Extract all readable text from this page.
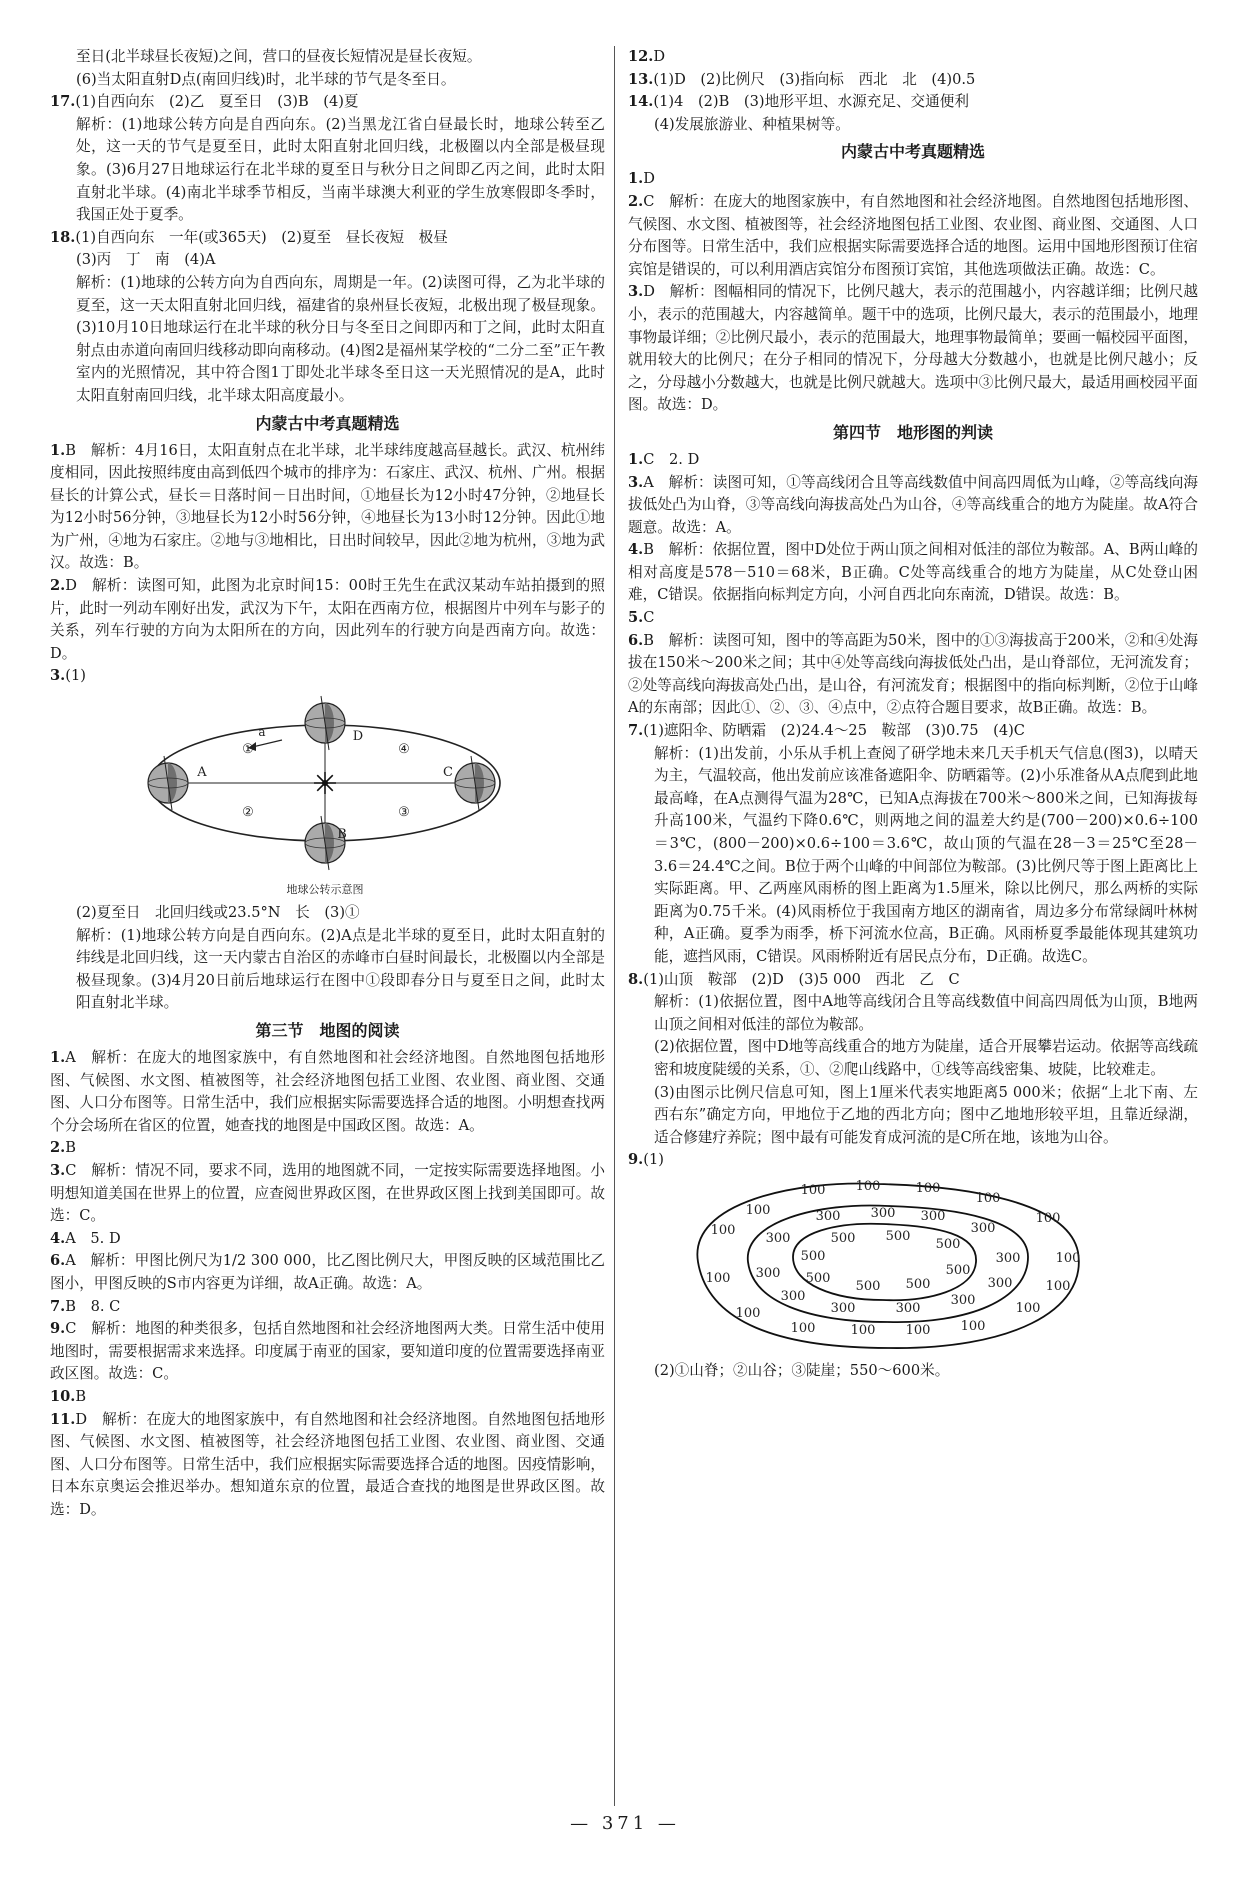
至日(北半球昼长夜短)之间，营口的昼夜长短情况是昼长夜短。

(6)当太阳直射D点(南回归线)时，北半球的节气是冬至日。

17.(1)自西向东　(2)乙　夏至日　(3)B　(4)夏

解析：(1)地球公转方向是自西向东。(2)当黑龙江省白昼最长时，地球公转至乙处，这一天的节气是夏至日，此时太阳直射北回归线，北极圈以内全部是极昼现象。(3)6月27日地球运行在北半球的夏至日与秋分日之间即乙丙之间，此时太阳直射北半球。(4)南北半球季节相反，当南半球澳大利亚的学生放寒假即冬季时，我国正处于夏季。

18.(1)自西向东　一年(或365天)　(2)夏至　昼长夜短　极昼

(3)丙　丁　南　(4)A

解析：(1)地球的公转方向为自西向东，周期是一年。(2)读图可得，乙为北半球的夏至，这一天太阳直射北回归线，福建省的泉州昼长夜短，北极出现了极昼现象。(3)10月10日地球运行在北半球的秋分日与冬至日之间即丙和丁之间，此时太阳直射点由赤道向南回归线移动即向南移动。(4)图2是福州某学校的“二分二至”正午教室内的光照情况，其中符合图1丁即处北半球冬至日这一天光照情况的是A，此时太阳直射南回归线，北半球太阳高度最小。

内蒙古中考真题精选

1.B　解析：4月16日，太阳直射点在北半球，北半球纬度越高昼越长。武汉、杭州纬度相同，因此按照纬度由高到低四个城市的排序为：石家庄、武汉、杭州、广州。根据昼长的计算公式，昼长＝日落时间－日出时间，①地昼长为12小时47分钟，②地昼长为12小时56分钟，③地昼长为12小时56分钟，④地昼长为13小时12分钟。因此①地为广州，④地为石家庄。②地与③地相比，日出时间较早，因此②地为杭州，③地为武汉。故选：B。

2.D　解析：读图可知，此图为北京时间15：00时王先生在武汉某动车站拍摄到的照片，此时一列动车刚好出发，武汉为下午，太阳在西南方位，根据图片中列车与影子的关系，列车行驶的方向为太阳所在的方向，因此列车的行驶方向是西南方向。故选：D。

3.(1)

A
B
C
D
①
②	③
④
a
地球公转示意图

(2)夏至日　北回归线或23.5°N　长　(3)①

解析：(1)地球公转方向是自西向东。(2)A点是北半球的夏至日，此时太阳直射的纬线是北回归线，这一天内蒙古自治区的赤峰市白昼时间最长，北极圈以内全部是极昼现象。(3)4月20日前后地球运行在图中①段即春分日与夏至日之间，此时太阳直射北半球。

第三节　地图的阅读

1.A　解析：在庞大的地图家族中，有自然地图和社会经济地图。自然地图包括地形图、气候图、水文图、植被图等，社会经济地图包括工业图、农业图、商业图、交通图、人口分布图等。日常生活中，我们应根据实际需要选择合适的地图。小明想查找两个分会场所在省区的位置，她查找的地图是中国政区图。故选：A。

2.B

3.C　解析：情况不同，要求不同，选用的地图就不同，一定按实际需要选择地图。小明想知道美国在世界上的位置，应查阅世界政区图，在世界政区图上找到美国即可。故选：C。

4.A　5. D

6.A　解析：甲图比例尺为1/2 300 000，比乙图比例尺大，甲图反映的区域范围比乙图小，甲图反映的S市内容更为详细，故A正确。故选：A。

7.B　8. C

9.C　解析：地图的种类很多，包括自然地图和社会经济地图两大类。日常生活中使用地图时，需要根据需求来选择。印度属于南亚的国家，要知道印度的位置需要选择南亚政区图。故选：C。

10.B

11.D　解析：在庞大的地图家族中，有自然地图和社会经济地图。自然地图包括地形图、气候图、水文图、植被图等，社会经济地图包括工业图、农业图、商业图、交通图、人口分布图等。日常生活中，我们应根据实际需要选择合适的地图。因疫情影响，日本东京奥运会推迟举办。想知道东京的位置，最适合查找的地图是世界政区图。故选：D。

12.D

13.(1)D　(2)比例尺　(3)指向标　西北　北　(4)0.5

14.(1)4　(2)B　(3)地形平坦、水源充足、交通便利

(4)发展旅游业、种植果树等。

内蒙古中考真题精选

1.D

2.C　解析：在庞大的地图家族中，有自然地图和社会经济地图。自然地图包括地形图、气候图、水文图、植被图等，社会经济地图包括工业图、农业图、商业图、交通图、人口分布图等。日常生活中，我们应根据实际需要选择合适的地图。运用中国地形图预订住宿宾馆是错误的，可以利用酒店宾馆分布图预订宾馆，其他选项做法正确。故选：C。

3.D　解析：图幅相同的情况下，比例尺越大，表示的范围越小，内容越详细；比例尺越小，表示的范围越大，内容越简单。题干中的选项，比例尺最大，表示的范围最小，地理事物最详细；②比例尺最小，表示的范围最大，地理事物最简单；要画一幅校园平面图，就用较大的比例尺；在分子相同的情况下，分母越大分数越小，也就是比例尺越小；反之，分母越小分数越大，也就是比例尺就越大。选项中③比例尺最大，最适用画校园平面图。故选：D。

第四节　地形图的判读

1.C　2. D

3.A　解析：读图可知，①等高线闭合且等高线数值中间高四周低为山峰，②等高线向海拔低处凸为山脊，③等高线向海拔高处凸为山谷，④等高线重合的地方为陡崖。故A符合题意。故选：A。

4.B　解析：依据位置，图中D处位于两山顶之间相对低洼的部位为鞍部。A、B两山峰的相对高度是578－510＝68米，B正确。C处等高线重合的地方为陡崖，从C处登山困难，C错误。依据指向标判定方向，小河自西北向东南流，D错误。故选：B。

5.C

6.B　解析：读图可知，图中的等高距为50米，图中的①③海拔高于200米，②和④处海拔在150米～200米之间；其中④处等高线向海拔低处凸出，是山脊部位，无河流发育；②处等高线向海拔高处凸出，是山谷，有河流发育；根据图中的指向标判断，②位于山峰A的东南部；因此①、②、③、④点中，②点符合题目要求，故B正确。故选：B。

7.(1)遮阳伞、防晒霜　(2)24.4～25　鞍部　(3)0.75　(4)C

解析：(1)出发前，小乐从手机上查阅了研学地未来几天手机天气信息(图3)，以晴天为主，气温较高，他出发前应该准备遮阳伞、防晒霜等。(2)小乐准备从A点爬到此地最高峰，在A点测得气温为28℃，已知A点海拔在700米～800米之间，已知海拔每升高100米，气温约下降0.6℃，则两地之间的温差大约是(700－200)×0.6÷100＝3℃，(800－200)×0.6÷100＝3.6℃，故山顶的气温在28－3＝25℃至28－3.6＝24.4℃之间。B位于两个山峰的中间部位为鞍部。(3)比例尺等于图上距离比上实际距离。甲、乙两座风雨桥的图上距离为1.5厘米，除以比例尺，那么两桥的实际距离为0.75千米。(4)风雨桥位于我国南方地区的湖南省，周边多分布常绿阔叶林树种，A正确。夏季为雨季，桥下河流水位高，B正确。风雨桥夏季最能体现其建筑功能，遮挡风雨，C错误。风雨桥附近有居民点分布，D正确。故选C。

8.(1)山顶　鞍部　(2)D　(3)5 000　西北　乙　C

解析：(1)依据位置，图中A地等高线闭合且等高线数值中间高四周低为山顶，B地两山顶之间相对低洼的部位为鞍部。

(2)依据位置，图中D地等高线重合的地方为陡崖，适合开展攀岩运动。依据等高线疏密和坡度陡缓的关系，①、②爬山线路中，①线等高线密集、坡陡，比较难走。

(3)由图示比例尺信息可知，图上1厘米代表实地距离5 000米；依据“上北下南、左西右东”确定方向，甲地位于乙地的西北方向；图中乙地地形较平坦，且靠近绿湖，适合修建疗养院；图中最有可能发育成河流的是C所在地，该地为山谷。

9.(1)

100
100
100 100	100
100
100
100
100
100
100	100 100 100
100
100
300
300 300 300
300
300
300
300
300	300
300
300
500
500 500
500
500
500 500
500

(2)①山脊；②山谷；③陡崖；550～600米。

— 371 —
